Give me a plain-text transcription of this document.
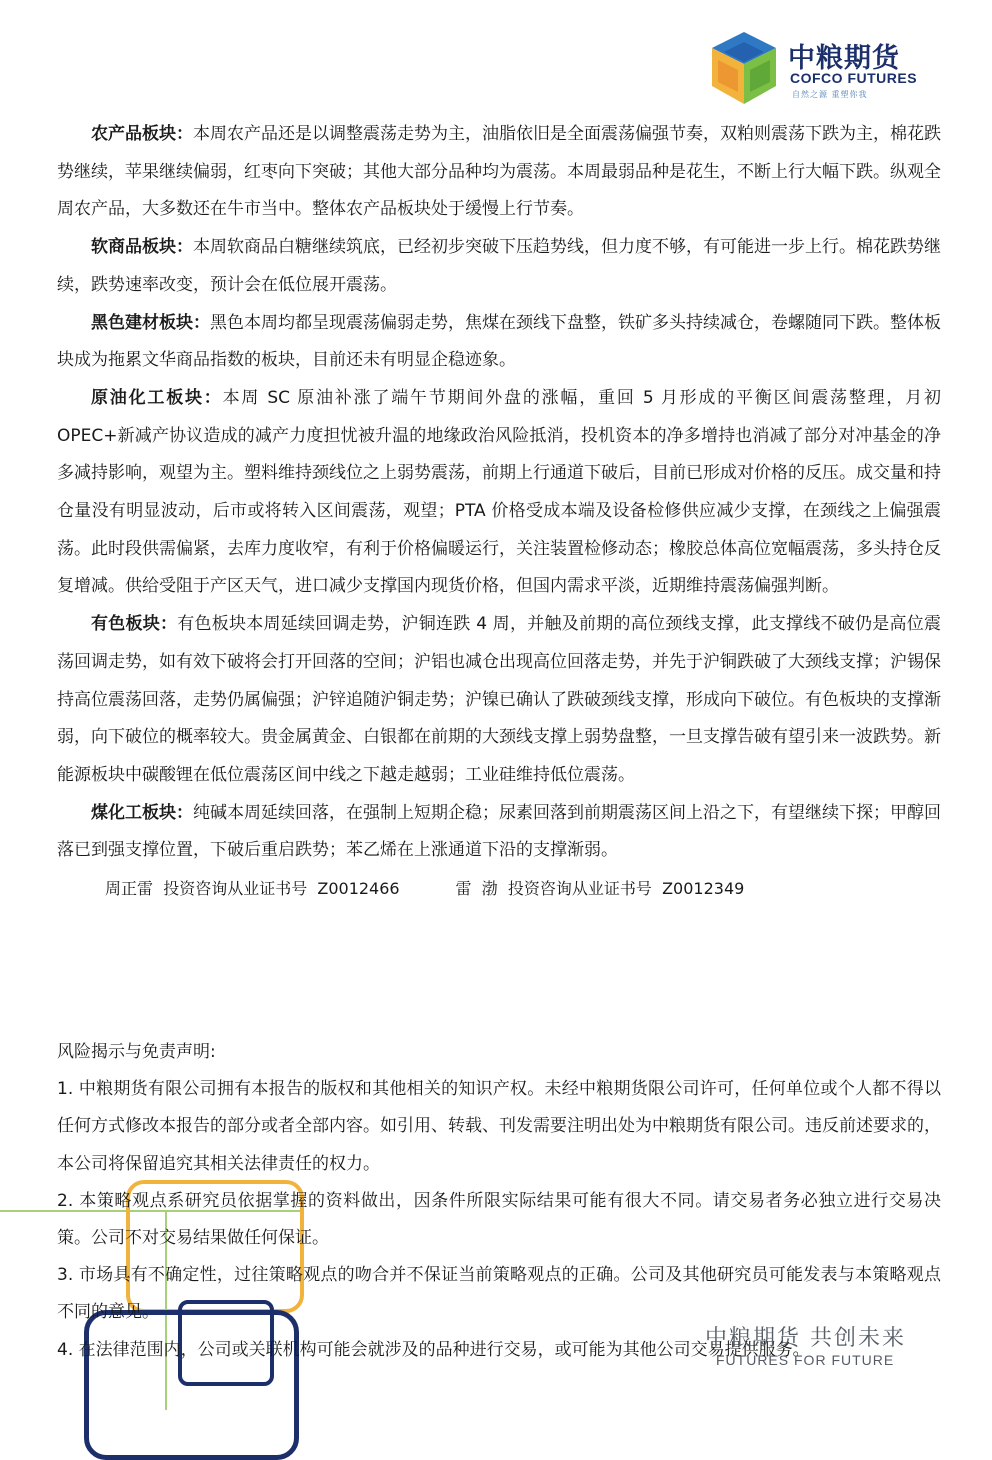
中粮期货
COFCO FUTURES
自然之源 重塑你我

农产品板块：本周农产品还是以调整震荡走势为主，油脂依旧是全面震荡偏强节奏，双粕则震荡下跌为主，棉花跌势继续，苹果继续偏弱，红枣向下突破；其他大部分品种均为震荡。本周最弱品种是花生，不断上行大幅下跌。纵观全周农产品，大多数还在牛市当中。整体农产品板块处于缓慢上行节奏。

软商品板块：本周软商品白糖继续筑底，已经初步突破下压趋势线，但力度不够，有可能进一步上行。棉花跌势继续，跌势速率改变，预计会在低位展开震荡。

黑色建材板块：黑色本周均都呈现震荡偏弱走势，焦煤在颈线下盘整，铁矿多头持续减仓，卷螺随同下跌。整体板块成为拖累文华商品指数的板块，目前还未有明显企稳迹象。

原油化工板块：本周 SC 原油补涨了端午节期间外盘的涨幅，重回 5 月形成的平衡区间震荡整理，月初 OPEC+新减产协议造成的减产力度担忧被升温的地缘政治风险抵消，投机资本的净多增持也消减了部分对冲基金的净多减持影响，观望为主。塑料维持颈线位之上弱势震荡，前期上行通道下破后，目前已形成对价格的反压。成交量和持仓量没有明显波动，后市或将转入区间震荡，观望；PTA 价格受成本端及设备检修供应减少支撑，在颈线之上偏强震荡。此时段供需偏紧，去库力度收窄，有利于价格偏暖运行，关注装置检修动态；橡胶总体高位宽幅震荡，多头持仓反复增减。供给受阻于产区天气，进口减少支撑国内现货价格，但国内需求平淡，近期维持震荡偏强判断。

有色板块：有色板块本周延续回调走势，沪铜连跌 4 周，并触及前期的高位颈线支撑，此支撑线不破仍是高位震荡回调走势，如有效下破将会打开回落的空间；沪铝也减仓出现高位回落走势，并先于沪铜跌破了大颈线支撑；沪锡保持高位震荡回落，走势仍属偏强；沪锌追随沪铜走势；沪镍已确认了跌破颈线支撑，形成向下破位。有色板块的支撑渐弱，向下破位的概率较大。贵金属黄金、白银都在前期的大颈线支撑上弱势盘整，一旦支撑告破有望引来一波跌势。新能源板块中碳酸锂在低位震荡区间中线之下越走越弱；工业硅维持低位震荡。

煤化工板块：纯碱本周延续回落，在强制上短期企稳；尿素回落到前期震荡区间上沿之下，有望继续下探；甲醇回落已到强支撑位置，下破后重启跌势；苯乙烯在上涨通道下沿的支撑渐弱。

周正雷 投资咨询从业证书号 Z0012466	雷  渤 投资咨询从业证书号 Z0012349

风险揭示与免责声明:

1. 中粮期货有限公司拥有本报告的版权和其他相关的知识产权。未经中粮期货限公司许可，任何单位或个人都不得以任何方式修改本报告的部分或者全部内容。如引用、转载、刊发需要注明出处为中粮期货有限公司。违反前述要求的，本公司将保留追究其相关法律责任的权力。

2. 本策略观点系研究员依据掌握的资料做出，因条件所限实际结果可能有很大不同。请交易者务必独立进行交易决策。公司不对交易结果做任何保证。

3. 市场具有不确定性，过往策略观点的吻合并不保证当前策略观点的正确。公司及其他研究员可能发表与本策略观点不同的意见。

4. 在法律范围内，公司或关联机构可能会就涉及的品种进行交易，或可能为其他公司交易提供服务。

中粮期货 共创未来
FUTURES FOR FUTURE
